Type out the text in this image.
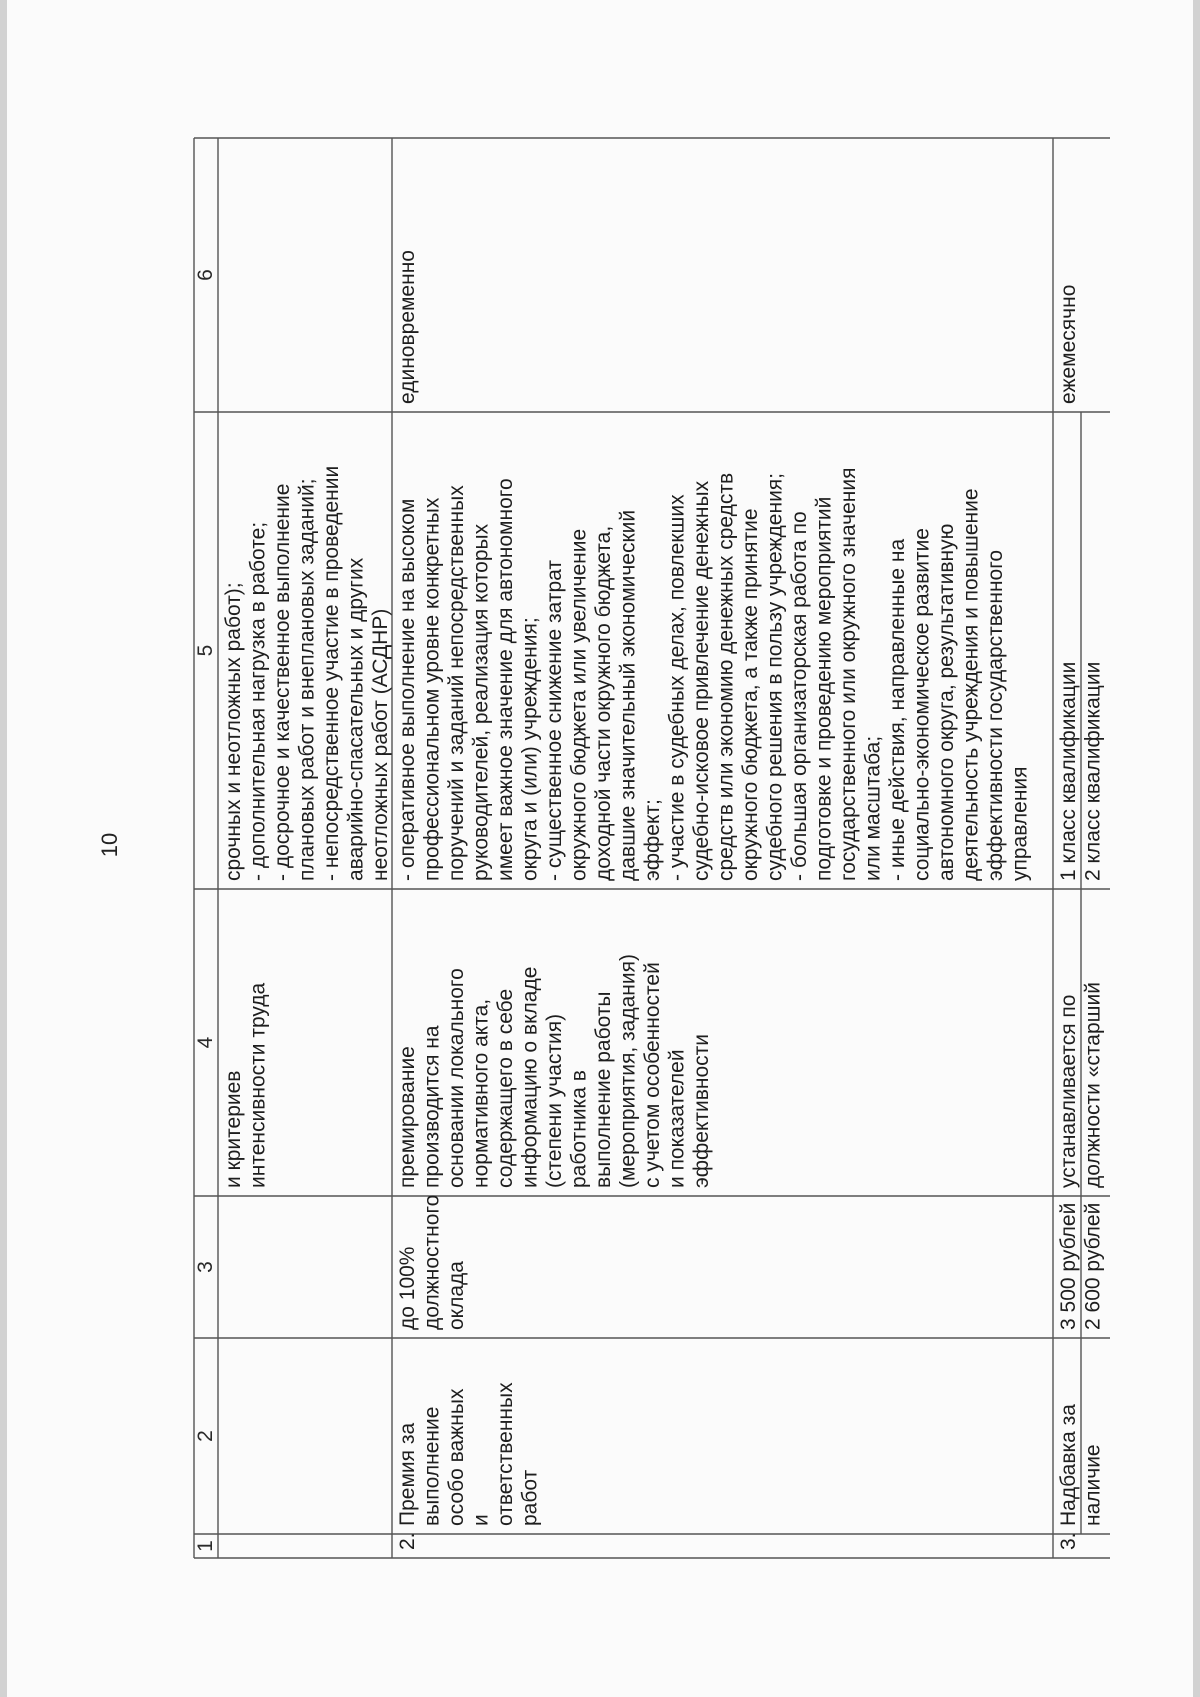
10
1
2
3
4
5
6
и критериев интенсивности труда
срочных и неотложных работ); - дополнительная нагрузка в работе; - досрочное и качественное выполнение плановых работ и внеплановых заданий; - непосредственное участие в проведении аварийно-спасательных и других неотложных работ (АСДНР)
2.
Премия за выполнение особо важных и ответственных работ
до 100% должностного оклада
премирование производится на основании локального нормативного акта, содержащего в себе информацию о вкладе (степени участия) работника в выполнение работы (мероприятия, задания) с учетом особенностей и показателей эффективности
- оперативное выполнение на высоком профессиональном уровне конкретных поручений и заданий непосредственных руководителей, реализация которых имеет важное значение для автономного округа и (или) учреждения; - существенное снижение затрат окружного бюджета или увеличение доходной части окружного бюджета, давшие значительный экономический эффект; - участие в судебных делах, повлекших судебно-исковое привлечение денежных средств или экономию денежных средств окружного бюджета, а также принятие судебного решения в пользу учреждения; - большая организаторская работа по подготовке и проведению мероприятий государственного или окружного значения или масштаба; - иные действия, направленные на социально-экономическое развитие автономного округа, результативную деятельность учреждения и повышение эффективности государственного управления
единовременно
3.
Надбавка за наличие
3 500 рублей 2 600 рублей
устанавливается по должности «старший
1 класс квалификации 2 класс квалификации
ежемесячно
